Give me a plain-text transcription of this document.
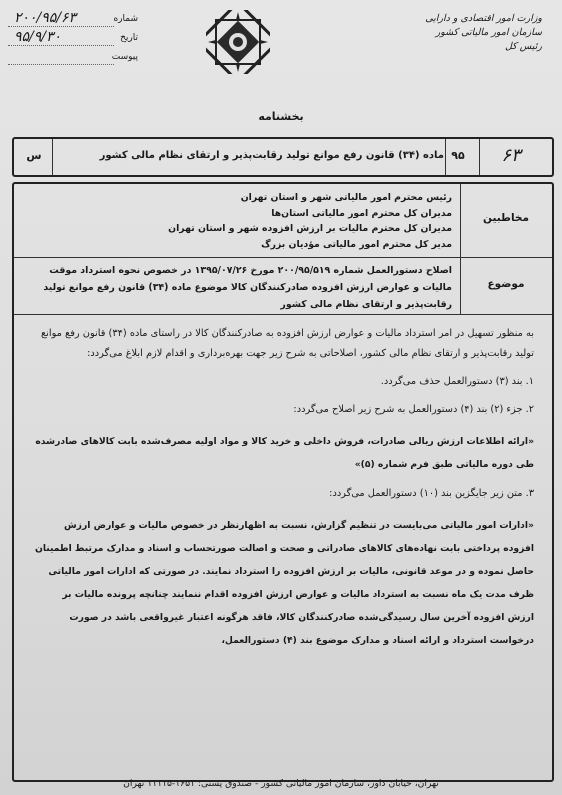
شماره
۲۰۰/۹۵/۶۳
تاریخ
۹۵/۹/۳۰
پیوست
وزارت امور اقتصادی و دارایی
سازمان امور مالیاتی کشور
رئیس کل
بخشنامه
۶۳
۹۵
ماده (۳۴) قانون رفع موانع تولید رقابت‌پذیر و ارتقای نظام مالی کشور
س
مخاطبین
رئیس محترم امور مالیاتی شهر و استان تهران
مدیران کل محترم امور مالیاتی استان‌ها
مدیران کل محترم مالیات بر ارزش افزوده شهر و استان تهران
مدیر کل محترم امور مالیاتی مؤدیان بزرگ
موضوع
اصلاح دستورالعمل شماره ۲۰۰/۹۵/۵۱۹ مورخ ۱۳۹۵/۰۷/۲۶ در خصوص نحوه استرداد موقت مالیات و عوارض ارزش افزوده صادرکنندگان کالا موضوع ماده (۳۴) قانون رفع موانع تولید رقابت‌پذیر و ارتقای نظام مالی کشور
به منظور تسهیل در امر استرداد مالیات و عوارض ارزش افزوده به صادرکنندگان کالا در راستای ماده (۳۴) قانون رفع موانع تولید رقابت‌پذیر و ارتقای نظام مالی کشور، اصلاحاتی به شرح زیر جهت بهره‌برداری و اقدام لازم ابلاغ می‌گردد:
۱. بند (۳) دستورالعمل حذف می‌گردد.
۲. جزء (۲) بند (۴) دستورالعمل به شرح زیر اصلاح می‌گردد:
«ارائه اطلاعات ارزش ریالی صادرات، فروش داخلی و خرید کالا و مواد اولیه مصرف‌شده بابت کالاهای صادرشده طی دوره مالیاتی طبق فرم شماره (۵)»
۳. متن زیر جایگزین بند (۱۰) دستورالعمل می‌گردد:
«ادارات امور مالیاتی می‌بایست در تنظیم گزارش، نسبت به اظهارنظر در خصوص مالیات و عوارض ارزش افزوده پرداختی بابت نهاده‌های کالاهای صادراتی و صحت و اصالت صورتحساب و اسناد و مدارک مرتبط اطمینان حاصل نموده و در موعد قانونی، مالیات بر ارزش افزوده را استرداد نمایند. در صورتی که ادارات امور مالیاتی ظرف مدت یک ماه نسبت به استرداد مالیات و عوارض ارزش افزوده اقدام ننمایند چنانچه پرونده مالیات بر ارزش افزوده آخرین سال رسیدگی‌شده صادرکنندگان کالا، فاقد هرگونه اعتبار غیرواقعی باشد در صورت درخواست استرداد و ارائه اسناد و مدارک موضوع بند (۴) دستورالعمل،
تهران، خیابان داور، سازمان امور مالیاتی کشور - صندوق پستی: ۱۶۵۱-۱۱۱۱۵ تهران
